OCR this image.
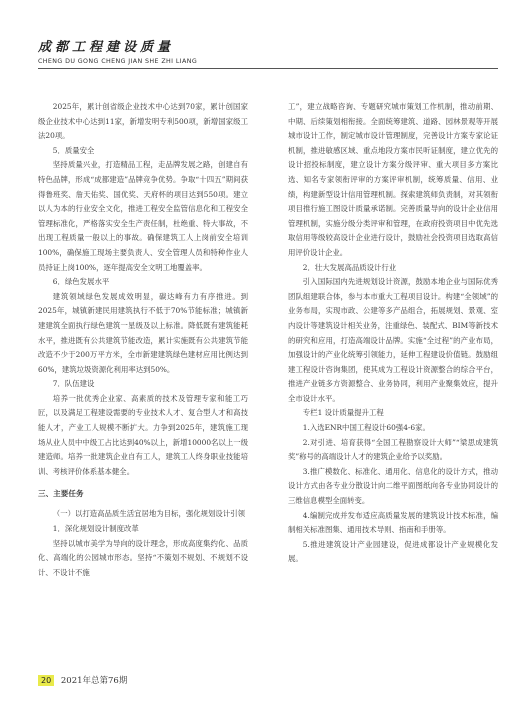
成都工程建设质量
CHENG DU GONG CHENG JIAN SHE ZHI LIANG

2025年，累计创省级企业技术中心达到70家，累计创国家级企业技术中心达到11家，新增发明专利500项，新增国家级工法20项。

5．质量安全

坚持质量兴业，打造精品工程，走品牌发展之路，创建自有特色品牌，形成“成都建造”品牌竞争优势。争取“十四五”期间获得鲁班奖、詹天佑奖、国优奖、天府杯的项目达到550项。建立以人为本的行业安全文化，推进工程安全监管信息化和工程安全管理标准化，严格落实安全生产责任制，杜绝重、特大事故，不出现工程质量一般以上的事故。确保建筑工人上岗前安全培训100%，确保施工现场主要负责人、安全管理人员和特种作业人员持证上岗100%，逐年提高安全文明工地覆盖率。

6．绿色发展水平

建筑领域绿色发展成效明显，碳达峰有力有序推进。到2025年，城镇新建民用建筑执行不低于70%节能标准；城镇新建建筑全面执行绿色建筑一星级及以上标准。降低既有建筑能耗水平，推进既有公共建筑节能改造，累计实施既有公共建筑节能改造不少于200万平方米，全市新建建筑绿色建材应用比例达到60%，建筑垃圾资源化利用率达到50%。

7．队伍建设

培养一批优秀企业家、高素质的技术及管理专家和能工巧匠，以及满足工程建设需要的专业技术人才、复合型人才和高技能人才，产业工人规模不断扩大。力争到2025年，建筑施工现场从业人员中中级工占比达到40%以上，新增10000名以上一级建造师。培养一批建筑企业自有工人，建筑工人终身职业技能培训、考核评价体系基本健全。

三、主要任务

（一）以打造高品质生活宜居地为目标，强化规划设计引领

1．深化规划设计制度改革

坚持以城市美学为导向的设计理念，形成高度集约化、品质化、高端化的公园城市形态。坚持“不策划不规划、不规划不设计、不设计不施

工”，建立战略咨询、专题研究城市策划工作机制，推动前期、中期、后续策划相衔接。全面统筹建筑、道路、园林景观等开展城市设计工作，制定城市设计管理制度，完善设计方案专家论证机制，推进敏感区域、重点地段方案市民听证制度，建立优先的设计招投标制度，建立设计方案分级评审、重大项目多方案比选、知名专家领衔评审的方案评审机制，统筹质量、信用、业绩，构建新型设计信用管理机制。探索建筑师负责制，对其领衔项目推行施工图设计质量承诺制。完善质量导向的设计企业信用管理机制，实施分级分类评审和管理，在政府投资项目中优先选取信用等级较高设计企业进行设计，鼓励社会投资项目选取高信用评价设计企业。

2．壮大发展高品质设计行业

引入国际国内先进规划设计资源，鼓励本地企业与国际优秀团队组建联合体，参与本市重大工程项目设计。构建“全领域”的业务布局，实现市政、公建等多产品组合，拓展规划、景观、室内设计等建筑设计相关业务，注重绿色、装配式、BIM等新技术的研究和应用，打造高端设计品牌。实施“全过程”的产业布局，加强设计的产业化统筹引领能力，延伸工程建设价值链。鼓励组建工程设计咨询集团，使其成为工程设计资源整合的综合平台，推进产业链多方资源整合、业务协同，利用产业聚集效应，提升全市设计水平。

专栏1 设计质量提升工程

1.入选ENR中国工程设计60强4-6家。

2.对引进、培育获得“全国工程勘察设计大师”“梁思成建筑奖”称号的高端设计人才的建筑企业给予以奖励。

3.推广模数化、标准化、通用化、信息化的设计方式，推动设计方式由各专业分散设计向二维平面图纸向各专业协同设计的三维信息模型全面转变。

4.编制完成并发布适应高质量发展的建筑设计技术标准，编制相关标准图集、通用技术导则、指南和手册等。

5.推进建筑设计产业园建设，促进成都设计产业规模化发展。

20 2021年总第76期
